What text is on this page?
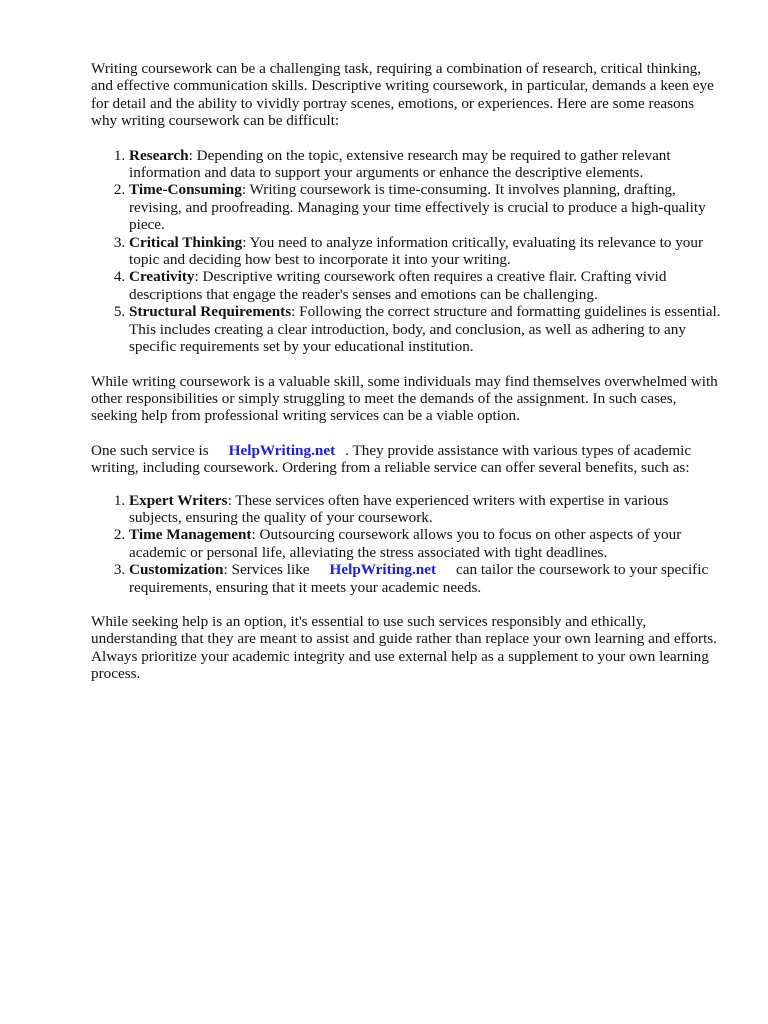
Writing coursework can be a challenging task, requiring a combination of research, critical thinking, and effective communication skills. Descriptive writing coursework, in particular, demands a keen eye for detail and the ability to vividly portray scenes, emotions, or experiences. Here are some reasons why writing coursework can be difficult:

1. Research: Depending on the topic, extensive research may be required to gather relevant information and data to support your arguments or enhance the descriptive elements.
2. Time-Consuming: Writing coursework is time-consuming. It involves planning, drafting, revising, and proofreading. Managing your time effectively is crucial to produce a high-quality piece.
3. Critical Thinking: You need to analyze information critically, evaluating its relevance to your topic and deciding how best to incorporate it into your writing.
4. Creativity: Descriptive writing coursework often requires a creative flair. Crafting vivid descriptions that engage the reader's senses and emotions can be challenging.
5. Structural Requirements: Following the correct structure and formatting guidelines is essential. This includes creating a clear introduction, body, and conclusion, as well as adhering to any specific requirements set by your educational institution.

While writing coursework is a valuable skill, some individuals may find themselves overwhelmed with other responsibilities or simply struggling to meet the demands of the assignment. In such cases, seeking help from professional writing services can be a viable option.

One such service is HelpWriting.net . They provide assistance with various types of academic writing, including coursework. Ordering from a reliable service can offer several benefits, such as:

1. Expert Writers: These services often have experienced writers with expertise in various subjects, ensuring the quality of your coursework.
2. Time Management: Outsourcing coursework allows you to focus on other aspects of your academic or personal life, alleviating the stress associated with tight deadlines.
3. Customization: Services like HelpWriting.net can tailor the coursework to your specific requirements, ensuring that it meets your academic needs.

While seeking help is an option, it's essential to use such services responsibly and ethically, understanding that they are meant to assist and guide rather than replace your own learning and efforts. Always prioritize your academic integrity and use external help as a supplement to your own learning process.
